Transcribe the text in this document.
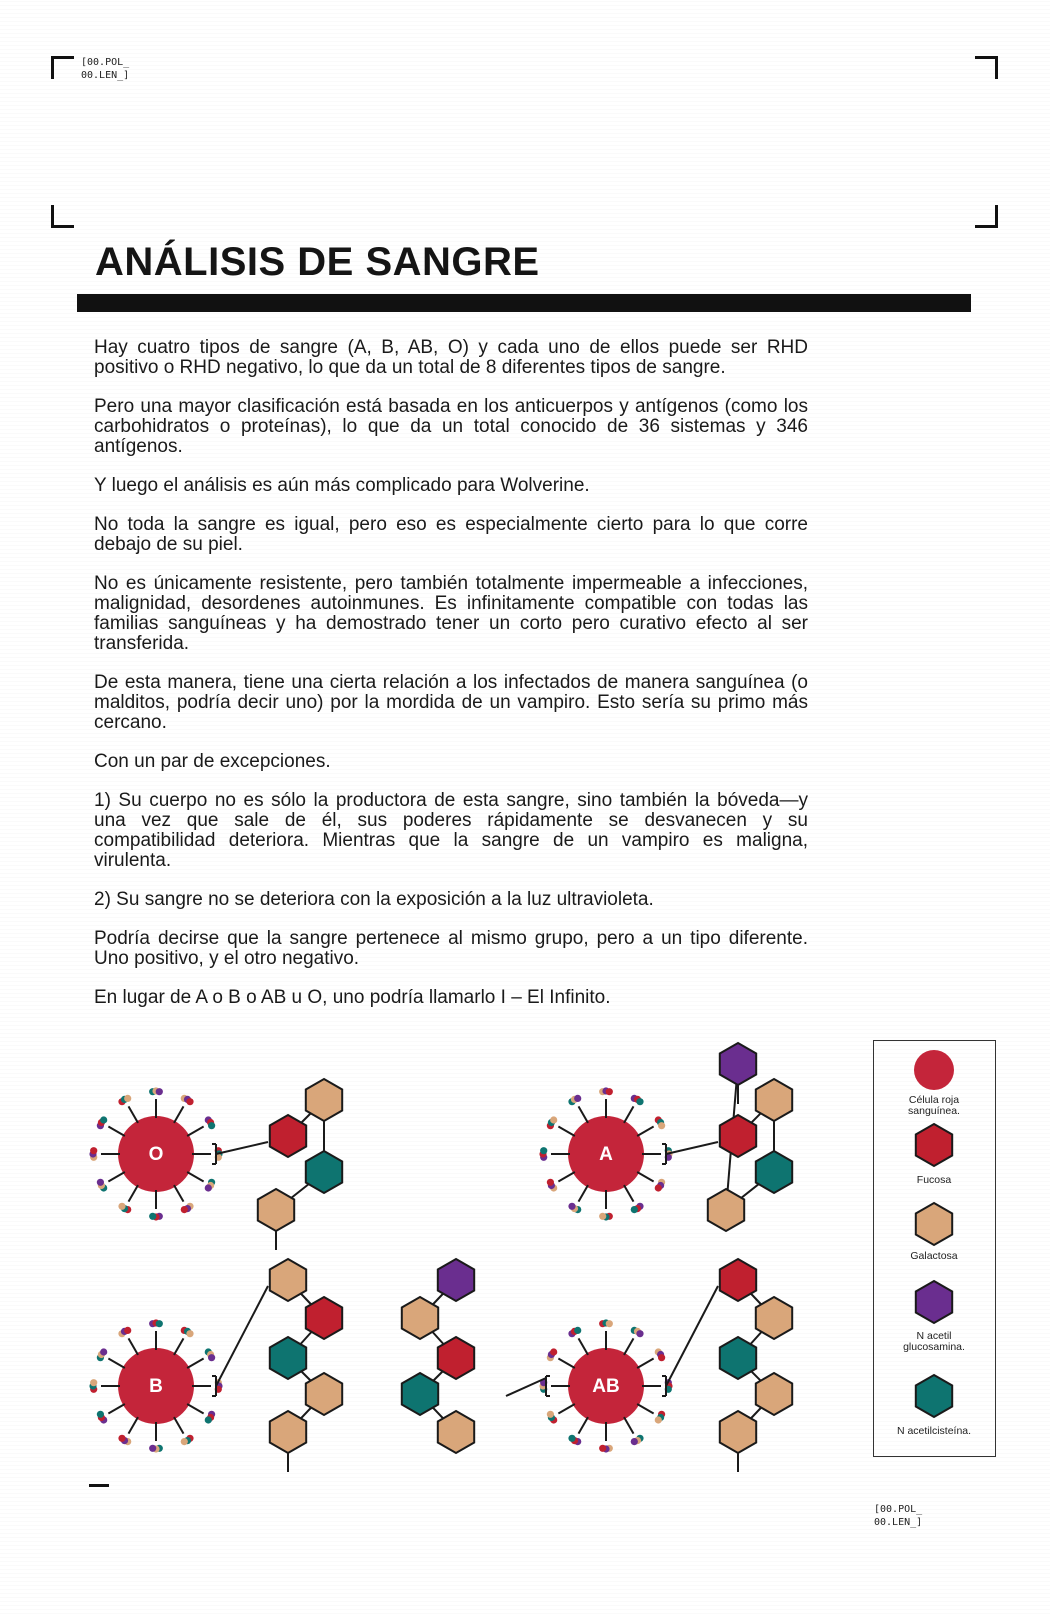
[00.POL_
00.LEN_]
ANÁLISIS DE SANGRE

Hay cuatro tipos de sangre (A, B, AB, O) y cada uno de ellos puede ser RHD positivo o RHD negativo, lo que da un total de 8 diferentes tipos de sangre.

Pero una mayor clasificación está basada en los anticuerpos y antígenos (como los carbohidratos o proteínas), lo que da un total conocido de 36 sistemas y 346 antígenos.

Y luego el análisis es aún más complicado para Wolverine.

No toda la sangre es igual, pero eso es especialmente cierto para lo que corre debajo de su piel.

No es únicamente resistente, pero también totalmente impermeable a infecciones, malignidad, desordenes autoinmunes. Es infinitamente compatible con todas las familias sanguíneas y ha demostrado tener un corto pero curativo efecto al ser transferida.

De esta manera, tiene una cierta relación a los infectados de manera sanguínea (o malditos, podría decir uno) por la mordida de un vampiro. Esto sería su primo más cercano.

Con un par de excepciones.

1) Su cuerpo no es sólo la productora de esta sangre, sino también la bóveda—y una vez que sale de él, sus poderes rápidamente se desvanecen y su compatibilidad deteriora. Mientras que la sangre de un vampiro es maligna, virulenta.

2) Su sangre no se deteriora con la exposición a la luz ultravioleta.

Podría decirse que la sangre pertenece al mismo grupo, pero a un tipo diferente. Uno positivo, y el otro negativo.

En lugar de A o B o AB u O, uno podría llamarlo I – El Infinito.

O	A
B	AB
Célula roja sanguínea.
Fucosa
Galactosa
N acetil glucosamina.
N acetilcisteína.
[00.POL_
00.LEN_]
